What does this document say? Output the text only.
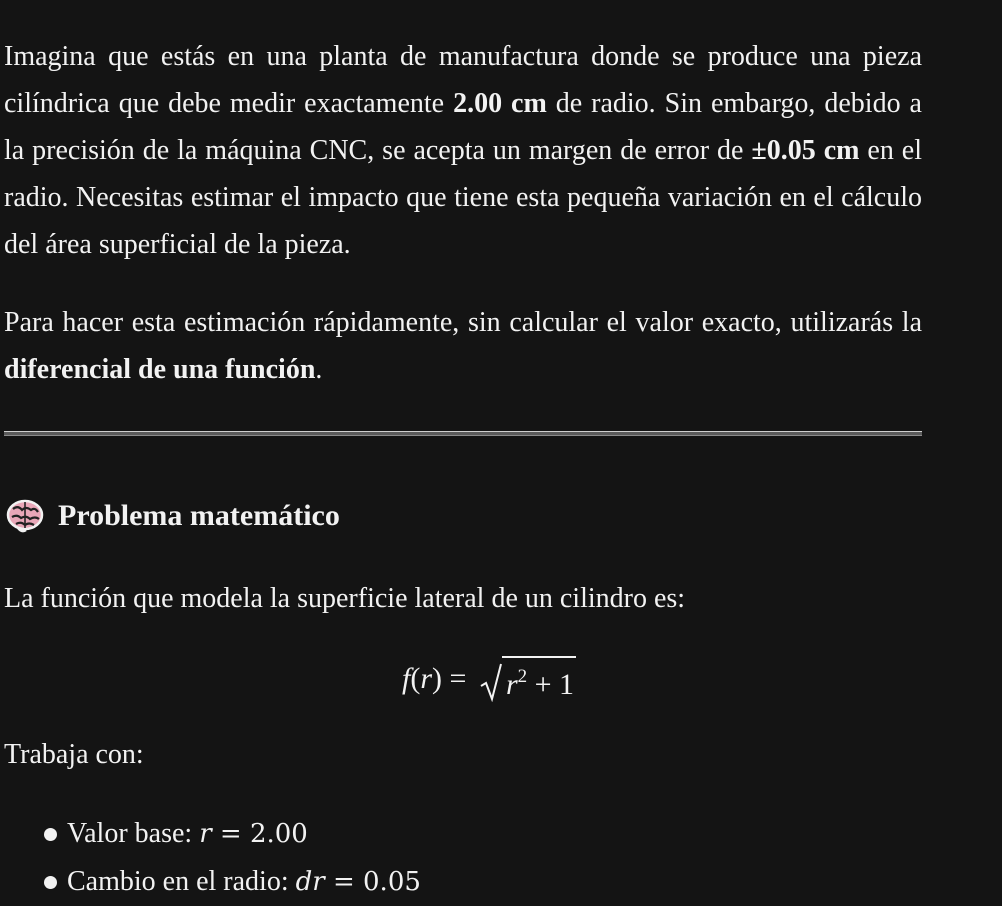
Imagina que estás en una planta de manufactura donde se produce una pieza cilíndrica que debe medir exactamente 2.00 cm de radio. Sin embargo, debido a la precisión de la máquina CNC, se acepta un margen de error de ±0.05 cm en el radio. Necesitas estimar el impacto que tiene esta pequeña variación en el cálculo del área superficial de la pieza.

Para hacer esta estimación rápidamente, sin calcular el valor exacto, utilizarás la diferencial de una función.

Problema matemático
La función que modela la superficie lateral de un cilindro es:
f ( r ) = $r^2 + 1$
Trabaja con:
Valor base: r = 2.00
Cambio en el radio: dr = 0.05
